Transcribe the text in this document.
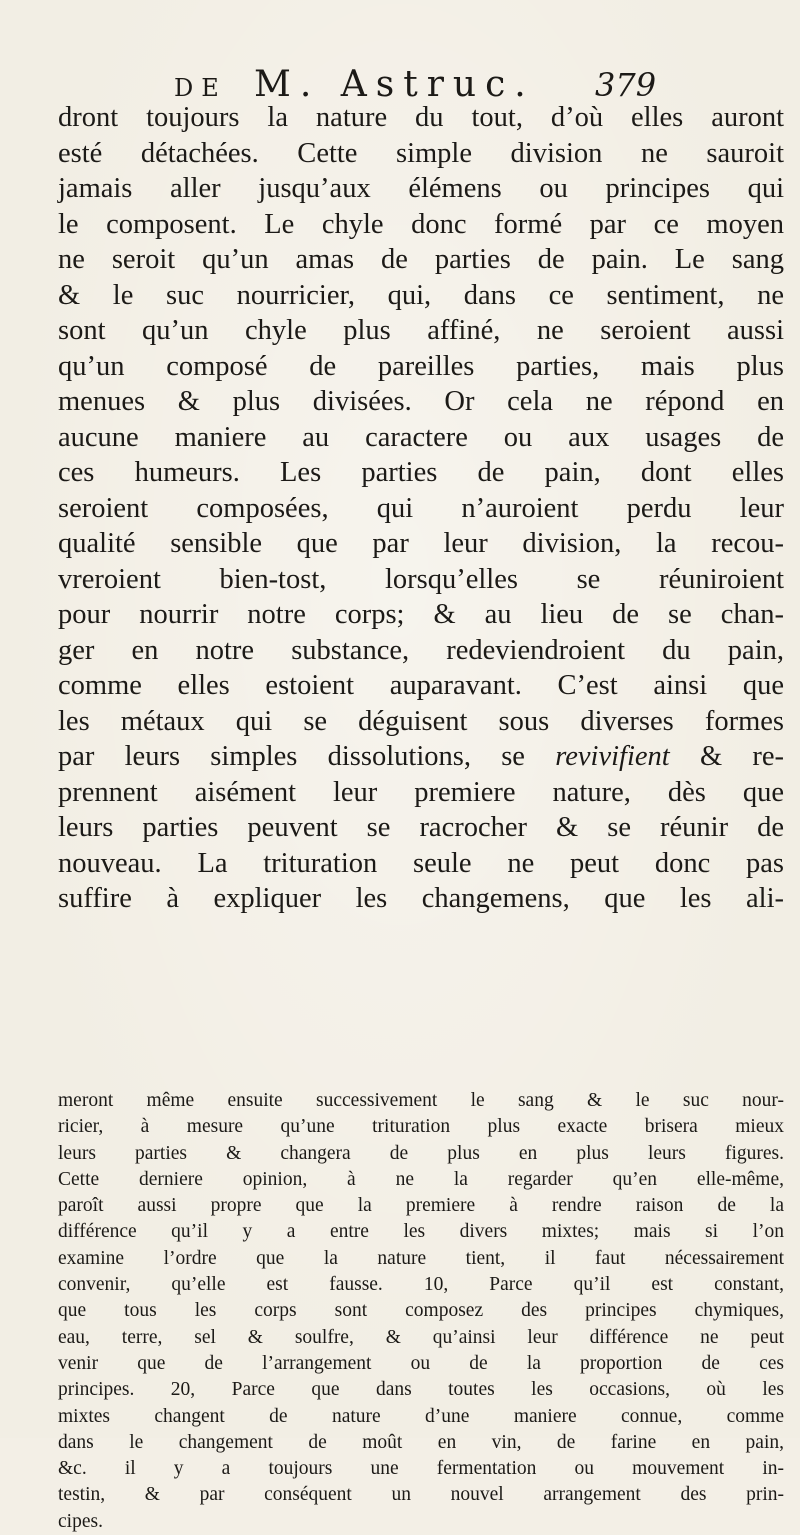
DE M. Astruc. 379
dront toujours la nature du tout, d’où elles auront
esté détachées. Cette simple division ne sauroit
jamais aller jusqu’aux élémens ou principes qui
le composent. Le chyle donc formé par ce moyen
ne seroit qu’un amas de parties de pain. Le sang
& le suc nourricier, qui, dans ce sentiment, ne
sont qu’un chyle plus affiné, ne seroient aussi
qu’un composé de pareilles parties, mais plus
menues & plus divisées. Or cela ne répond en
aucune maniere au caractere ou aux usages de
ces humeurs. Les parties de pain, dont elles
seroient composées, qui n’auroient perdu leur
qualité sensible que par leur division, la recou-
vreroient bien-tost, lorsqu’elles se réuniroient
pour nourrir notre corps; & au lieu de se chan-
ger en notre substance, redeviendroient du pain,
comme elles estoient auparavant. C’est ainsi que
les métaux qui se déguisent sous diverses formes
par leurs simples dissolutions, se revivifient & re-
prennent aisément leur premiere nature, dès que
leurs parties peuvent se racrocher & se réunir de
nouveau. La trituration seule ne peut donc pas
suffire à expliquer les changemens, que les ali-
meront même ensuite successivement le sang & le suc nour-
ricier, à mesure qu’une trituration plus exacte brisera mieux
leurs parties & changera de plus en plus leurs figures.
Cette derniere opinion, à ne la regarder qu’en elle-même,
paroît aussi propre que la premiere à rendre raison de la
différence qu’il y a entre les divers mixtes; mais si l’on
examine l’ordre que la nature tient, il faut nécessairement
convenir, qu’elle est fausse. 10, Parce qu’il est constant,
que tous les corps sont composez des principes chymiques,
eau, terre, sel & soulfre, & qu’ainsi leur différence ne peut
venir que de l’arrangement ou de la proportion de ces
principes. 20, Parce que dans toutes les occasions, où les
mixtes changent de nature d’une maniere connue, comme
dans le changement de moût en vin, de farine en pain,
&c. il y a toujours une fermentation ou mouvement in-
testin, & par conséquent un nouvel arrangement des prin-
cipes.
